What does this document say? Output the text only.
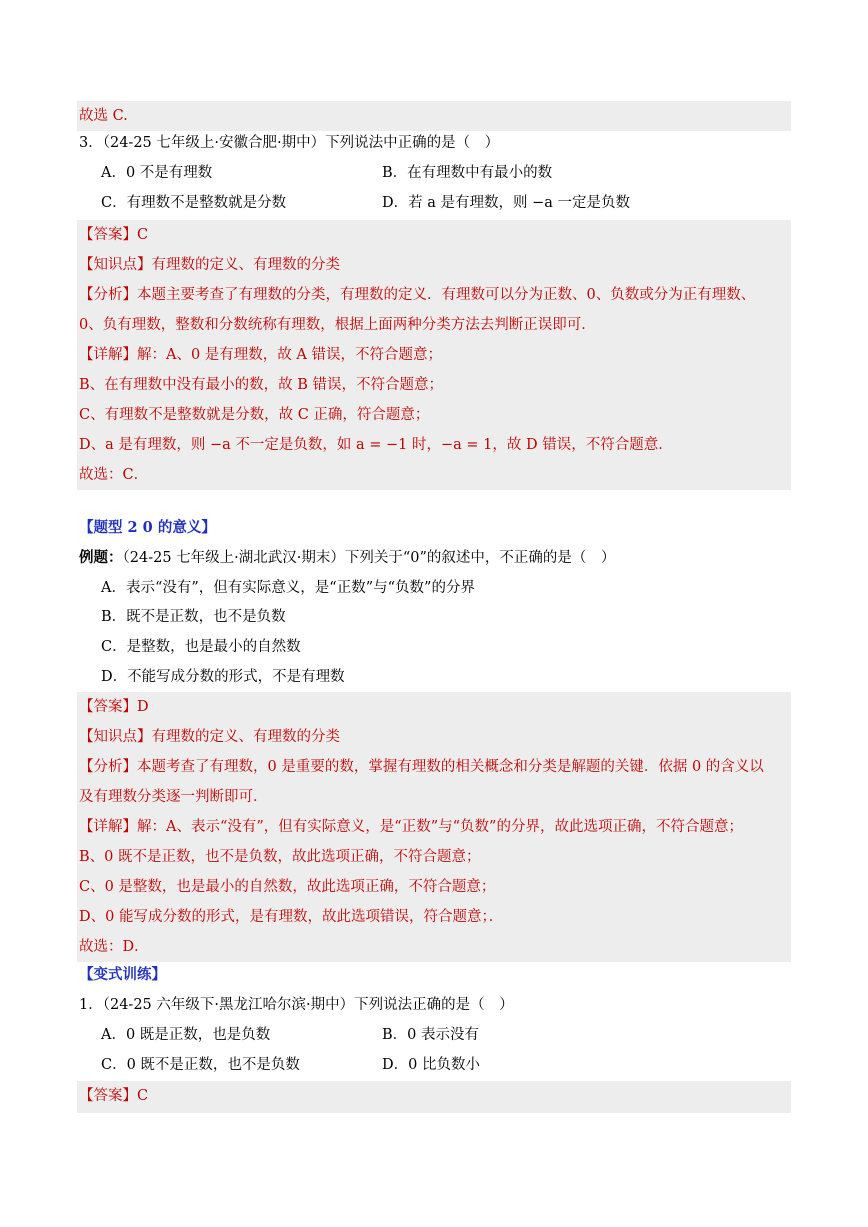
故选 C.
3．（24-25 七年级上·安徽合肥·期中）下列说法中正确的是（　）
A．0 不是有理数	B．在有理数中有最小的数
C．有理数不是整数就是分数	D．若 a 是有理数，则 −a 一定是负数
【答案】C
【知识点】有理数的定义、有理数的分类
【分析】本题主要考查了有理数的分类，有理数的定义．有理数可以分为正数、0、负数或分为正有理数、
0、负有理数，整数和分数统称有理数，根据上面两种分类方法去判断正误即可．
【详解】解：A、0 是有理数，故 A 错误，不符合题意；
B、在有理数中没有最小的数，故 B 错误，不符合题意；
C、有理数不是整数就是分数，故 C 正确，符合题意；
D、a 是有理数，则 −a 不一定是负数，如 a = −1 时，−a = 1，故 D 错误，不符合题意．
故选：C．
【题型 2 0 的意义】
例题：（24-25 七年级上·湖北武汉·期末）下列关于“0”的叙述中，不正确的是（　）
A．表示“没有”，但有实际意义，是“正数”与“负数”的分界
B．既不是正数，也不是负数
C．是整数，也是最小的自然数
D．不能写成分数的形式，不是有理数
【答案】D
【知识点】有理数的定义、有理数的分类
【分析】本题考查了有理数，0 是重要的数，掌握有理数的相关概念和分类是解题的关键．依据 0 的含义以
及有理数分类逐一判断即可．
【详解】解：A、表示“没有”，但有实际意义，是“正数”与“负数”的分界，故此选项正确，不符合题意；
B、0 既不是正数，也不是负数，故此选项正确，不符合题意；
C、0 是整数，也是最小的自然数，故此选项正确，不符合题意；
D、0 能写成分数的形式，是有理数，故此选项错误，符合题意；．
故选：D．
【变式训练】
1．（24-25 六年级下·黑龙江哈尔滨·期中）下列说法正确的是（　）
A．0 既是正数，也是负数	B．0 表示没有
C．0 既不是正数，也不是负数	D．0 比负数小
【答案】C
